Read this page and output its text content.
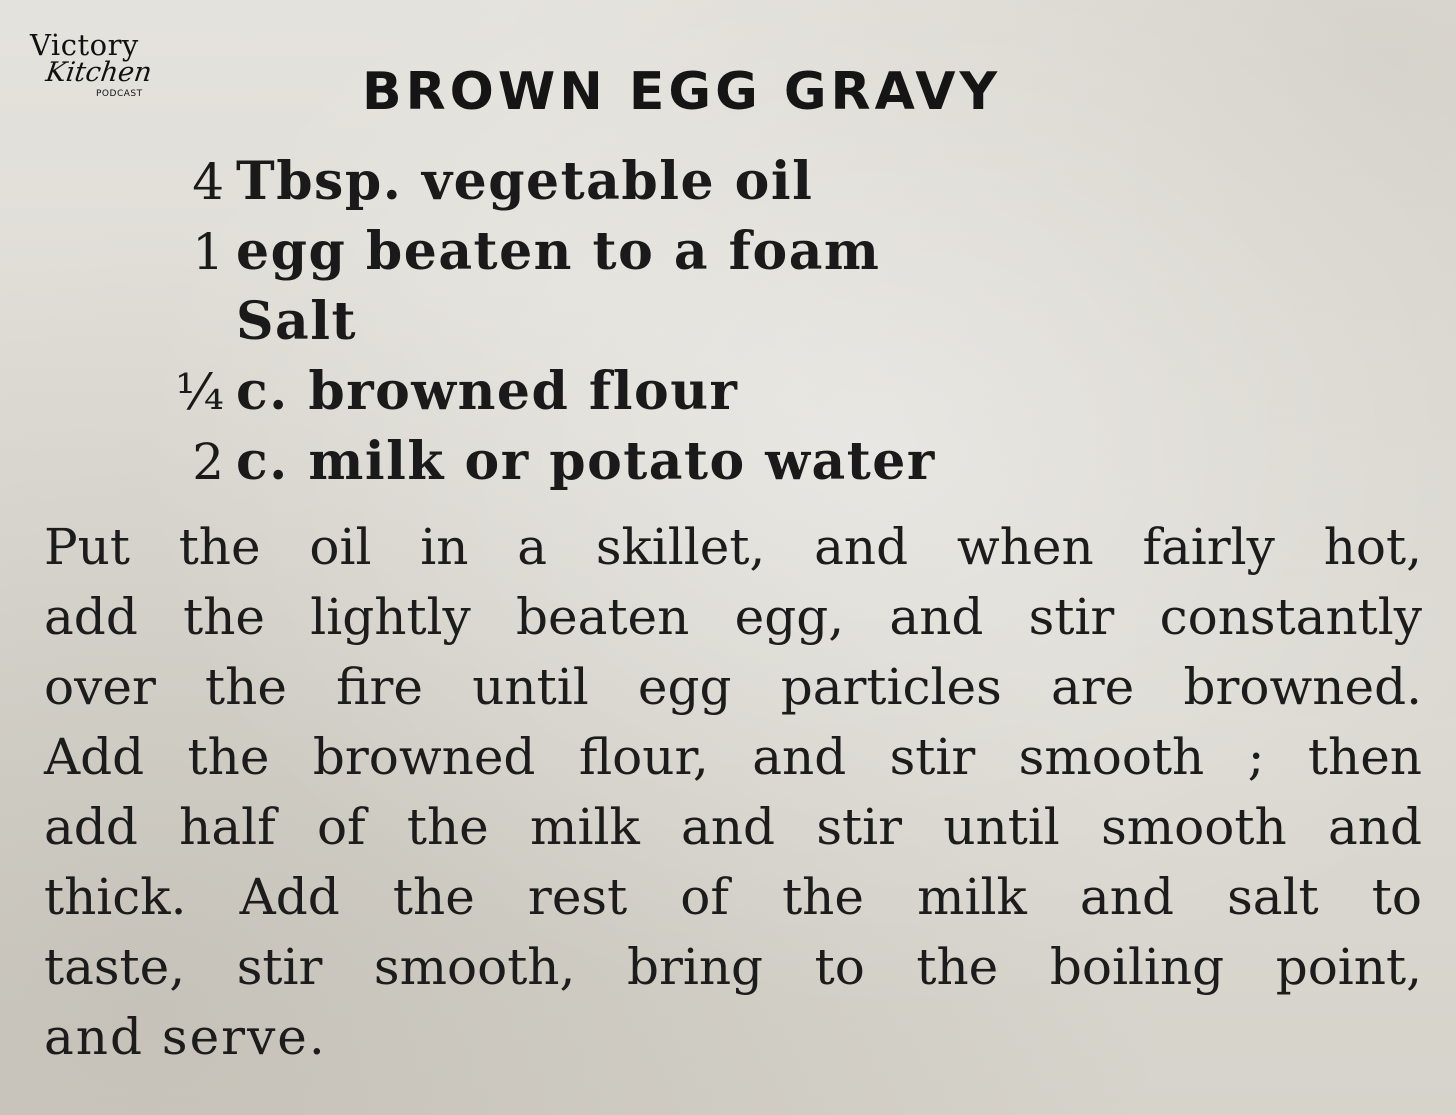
Victory
Kitchen
PODCAST	BROWN EGG GRAVY
4 Tbsp. vegetable oil
1 egg beaten to a foam
Salt
¼ c. browned flour
2 c. milk or potato water
Put the oil in a skillet, and when fairly hot,
add the lightly beaten egg, and stir constantly
over the fire until egg particles are browned.
Add the browned flour, and stir smooth ; then
add half of the milk and stir until smooth and
thick. Add the rest of the milk and salt to
taste, stir smooth, bring to the boiling point,
and serve.
